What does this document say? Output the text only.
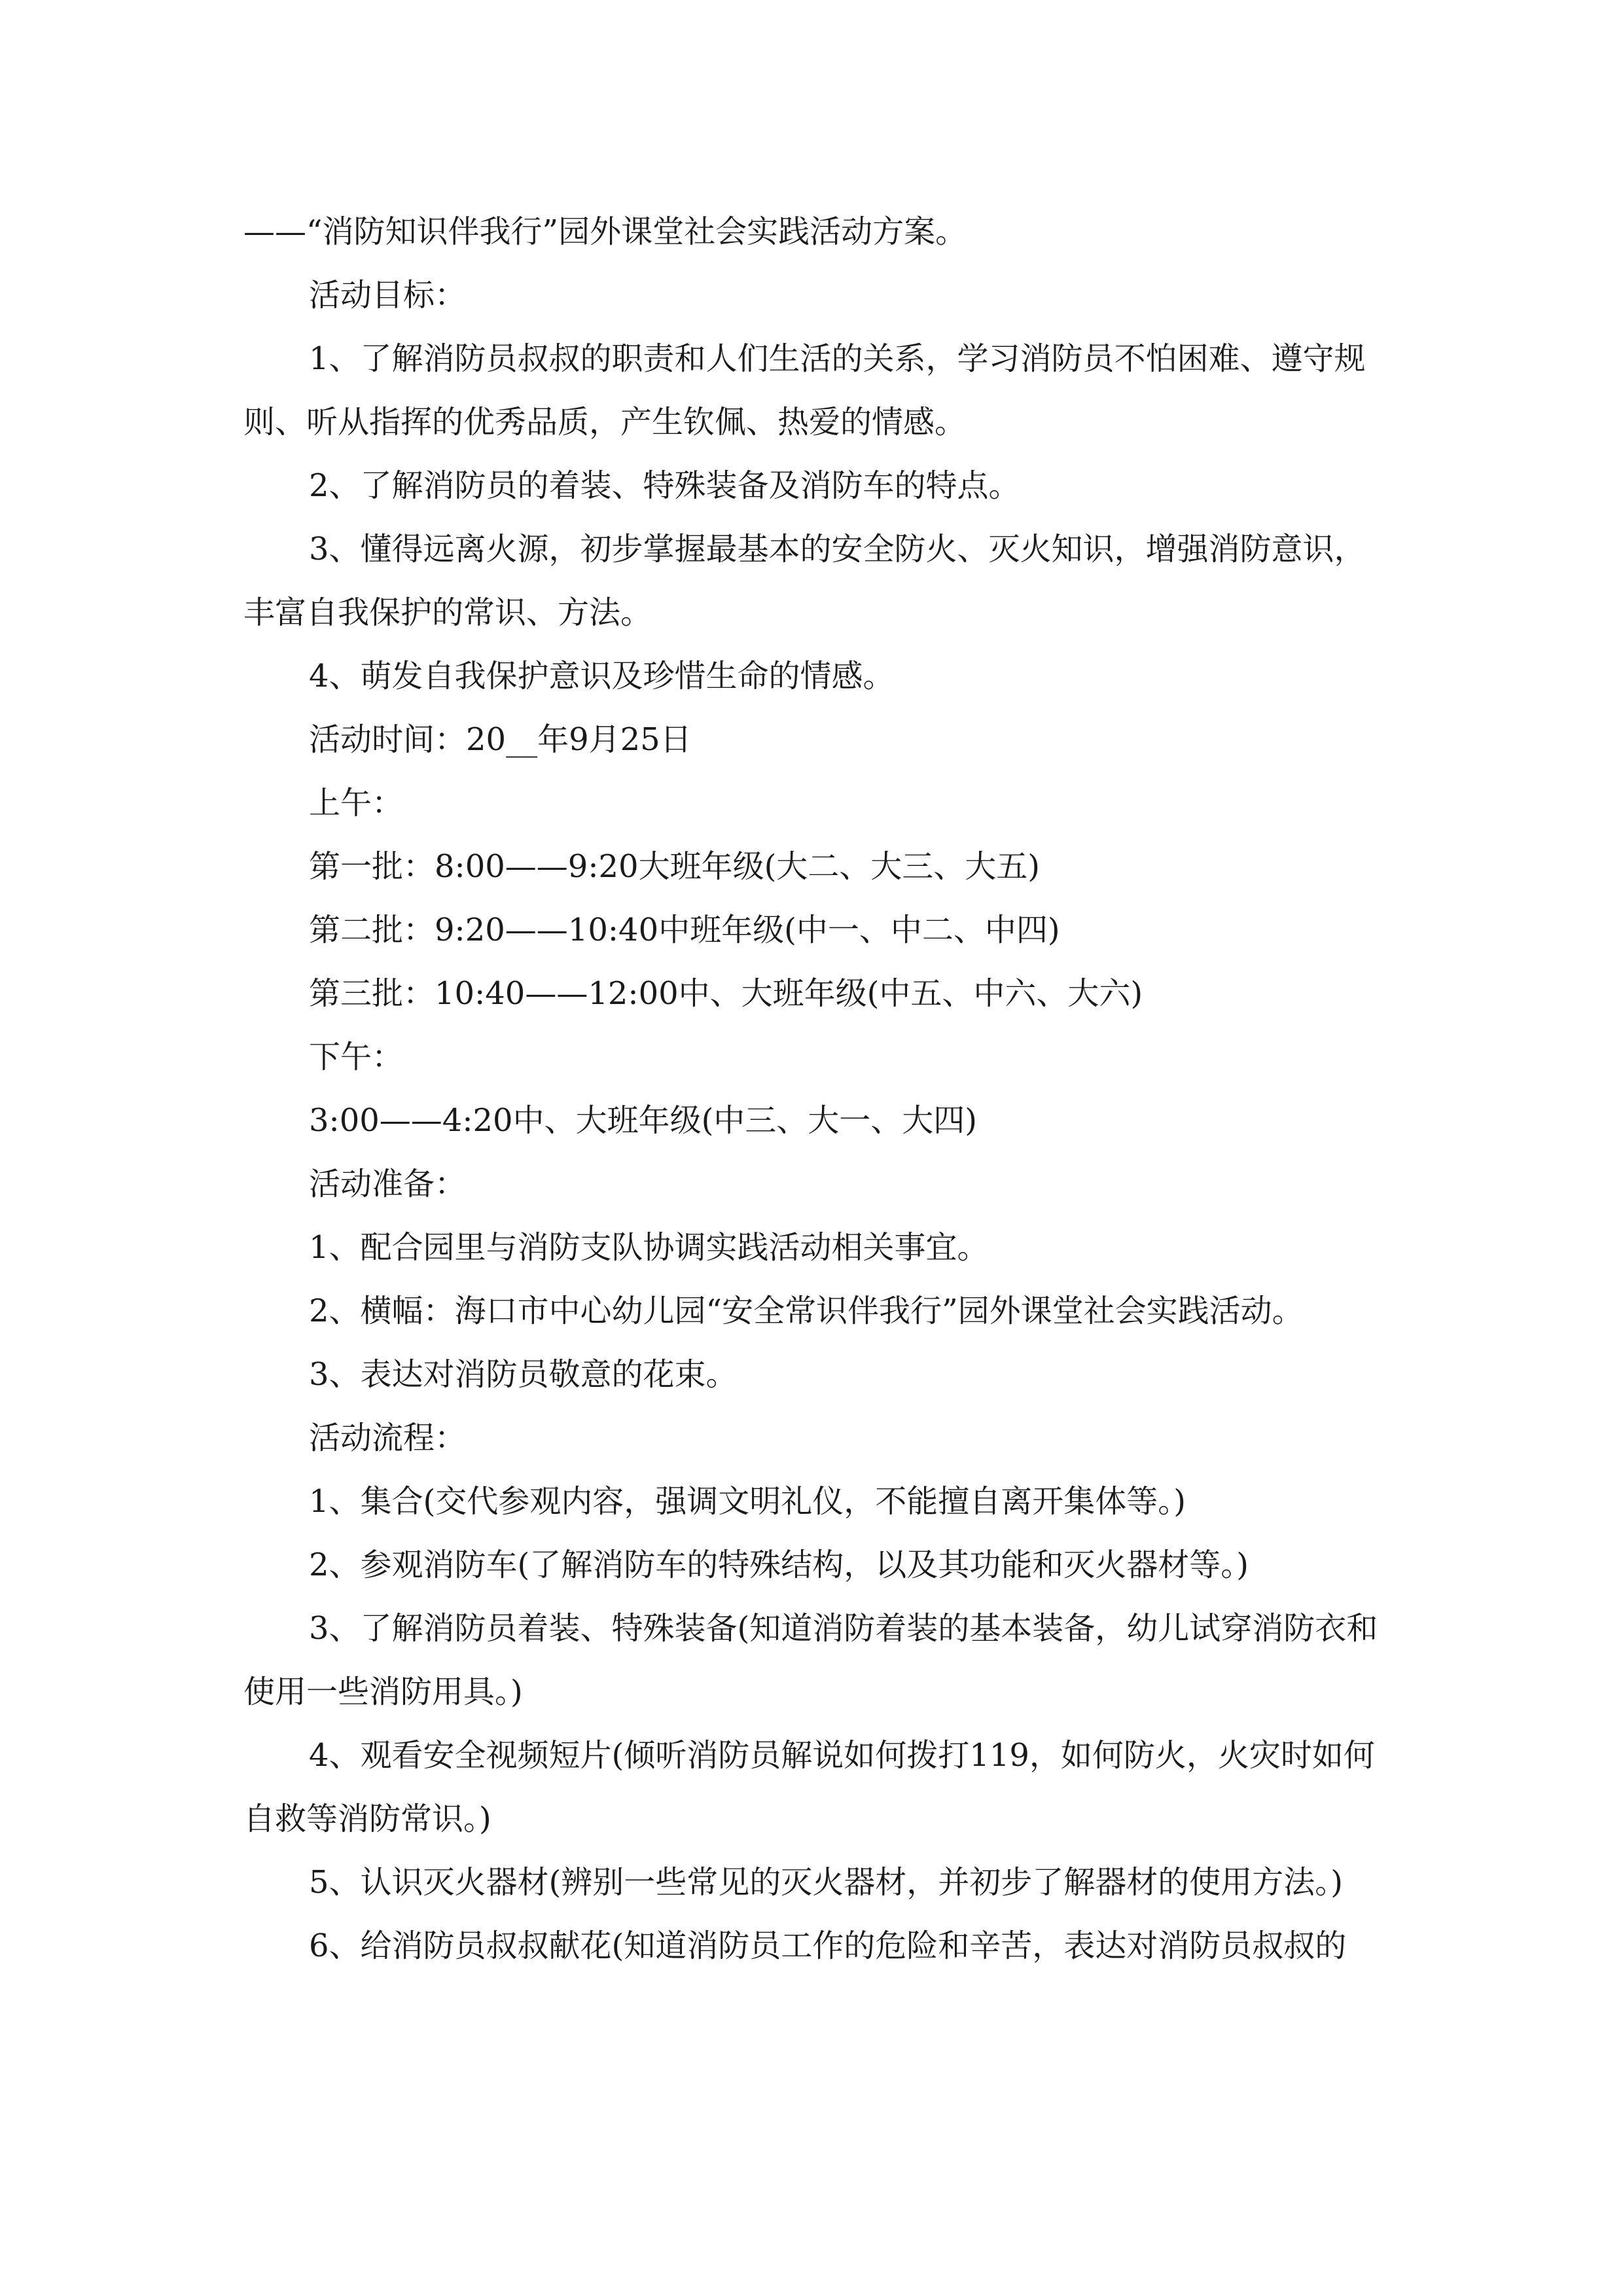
——“消防知识伴我行”园外课堂社会实践活动方案。

活动目标：

1、了解消防员叔叔的职责和人们生活的关系，学习消防员不怕困难、遵守规则、听从指挥的优秀品质，产生钦佩、热爱的情感。

2、了解消防员的着装、特殊装备及消防车的特点。

3、懂得远离火源，初步掌握最基本的安全防火、灭火知识，增强消防意识，丰富自我保护的常识、方法。

4、萌发自我保护意识及珍惜生命的情感。

活动时间：20__年9月25日

上午：

第一批：8:00——9:20大班年级(大二、大三、大五)

第二批：9:20——10:40中班年级(中一、中二、中四)

第三批：10:40——12:00中、大班年级(中五、中六、大六)

下午：

3:00——4:20中、大班年级(中三、大一、大四)

活动准备：

1、配合园里与消防支队协调实践活动相关事宜。

2、横幅：海口市中心幼儿园“安全常识伴我行”园外课堂社会实践活动。

3、表达对消防员敬意的花束。

活动流程：

1、集合(交代参观内容，强调文明礼仪，不能擅自离开集体等。)

2、参观消防车(了解消防车的特殊结构，以及其功能和灭火器材等。)

3、了解消防员着装、特殊装备(知道消防着装的基本装备，幼儿试穿消防衣和使用一些消防用具。)

4、观看安全视频短片(倾听消防员解说如何拨打119，如何防火，火灾时如何自救等消防常识。)

5、认识灭火器材(辨别一些常见的灭火器材，并初步了解器材的使用方法。)

6、给消防员叔叔献花(知道消防员工作的危险和辛苦，表达对消防员叔叔的
